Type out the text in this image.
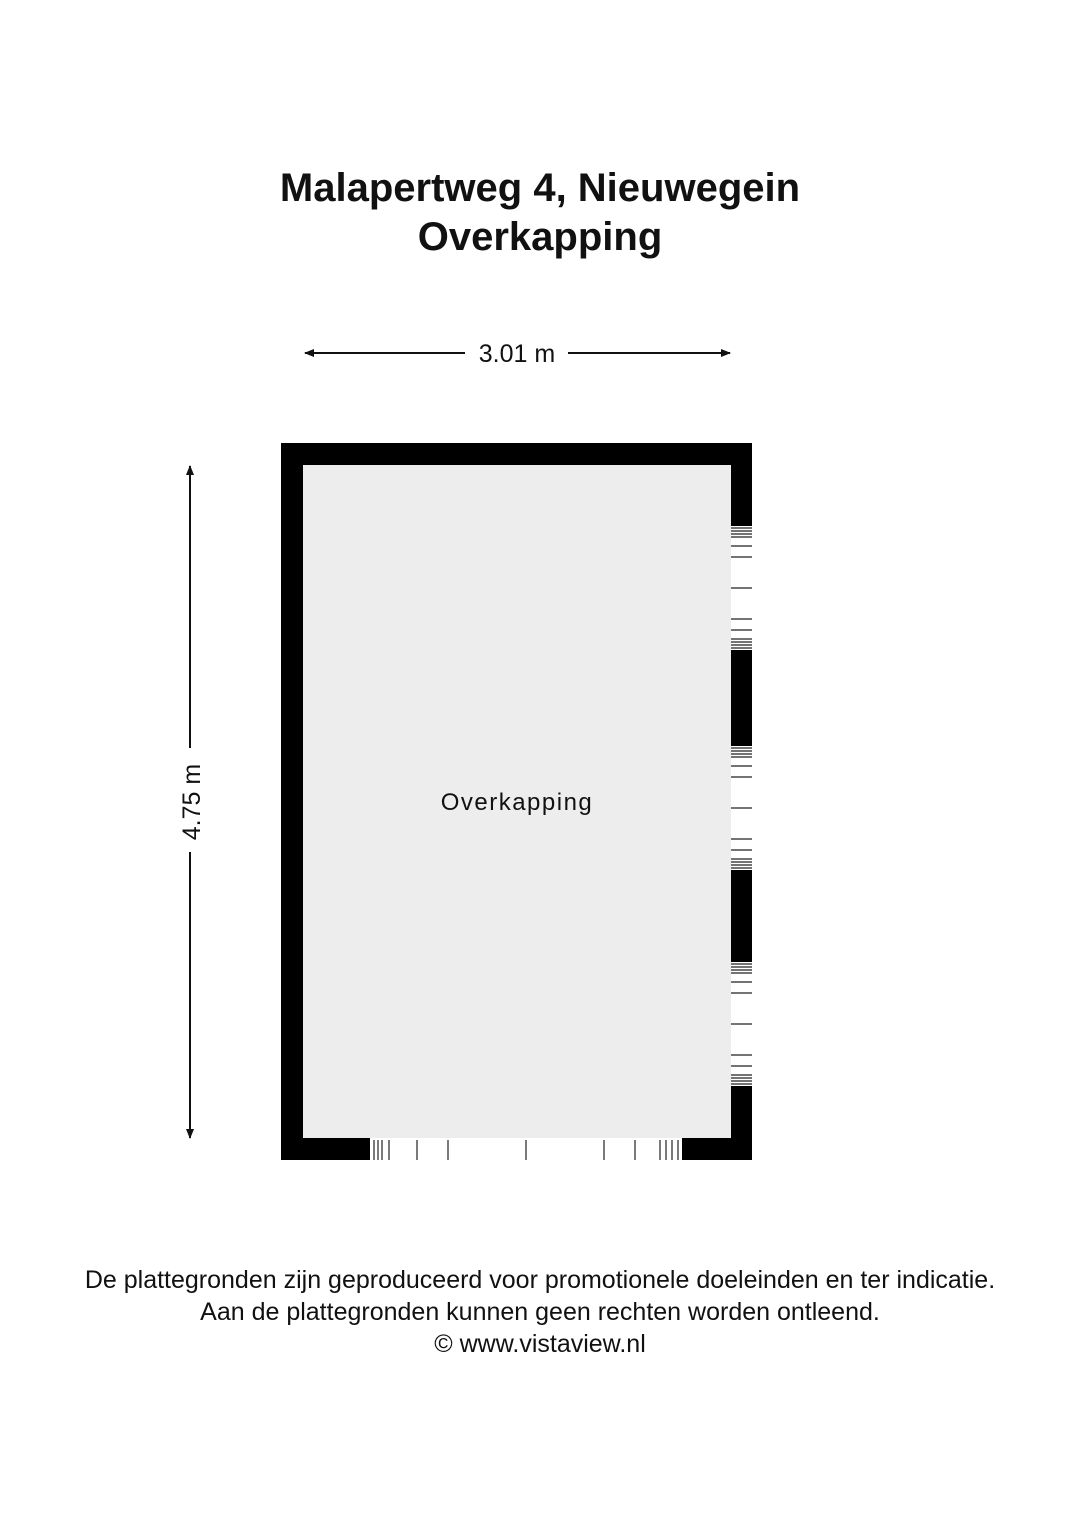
Malapertweg 4, Nieuwegein
Overkapping
3.01 m
4.75 m	Overkapping

De plattegronden zijn geproduceerd voor promotionele doeleinden en ter indicatie.

Aan de plattegronden kunnen geen rechten worden ontleend.

© www.vistaview.nl
